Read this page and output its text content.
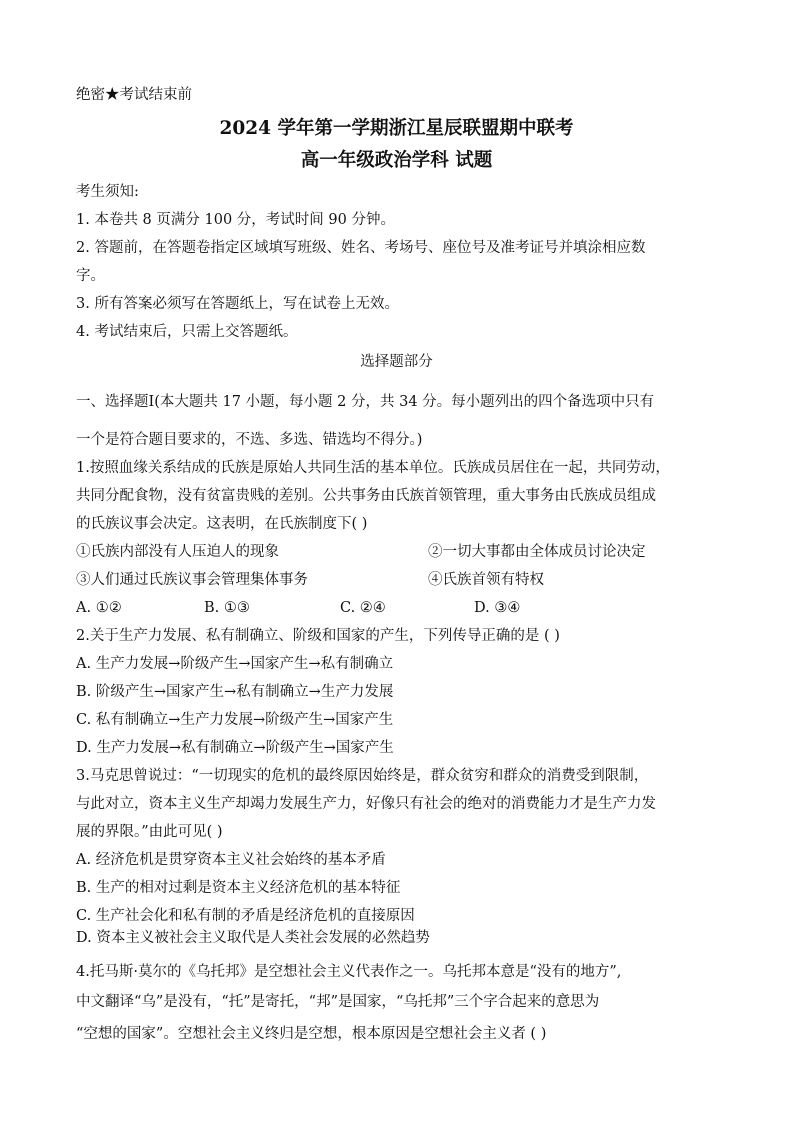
绝密★考试结束前
2024 学年第一学期浙江星辰联盟期中联考
高一年级政治学科 试题
考生须知:
1. 本卷共 8 页满分 100 分，考试时间 90 分钟。
2. 答题前，在答题卷指定区域填写班级、姓名、考场号、座位号及准考证号并填涂相应数
字。
3. 所有答案必须写在答题纸上，写在试卷上无效。
4. 考试结束后，只需上交答题纸。
选择题部分
一、选择题Ⅰ(本大题共 17 小题，每小题 2 分，共 34 分。每小题列出的四个备选项中只有
一个是符合题目要求的，不选、多选、错选均不得分。)
1.按照血缘关系结成的氏族是原始人共同生活的基本单位。氏族成员居住在一起，共同劳动，
共同分配食物，没有贫富贵贱的差别。公共事务由氏族首领管理，重大事务由氏族成员组成
的氏族议事会决定。这表明，在氏族制度下( )
①氏族内部没有人压迫人的现象	②一切大事都由全体成员讨论决定
③人们通过氏族议事会管理集体事务	④氏族首领有特权
A. ①②	B. ①③	C. ②④	D. ③④
2.关于生产力发展、私有制确立、阶级和国家的产生，下列传导正确的是 ( )
A. 生产力发展→阶级产生→国家产生→私有制确立
B. 阶级产生→国家产生→私有制确立→生产力发展
C. 私有制确立→生产力发展→阶级产生→国家产生
D. 生产力发展→私有制确立→阶级产生→国家产生
3.马克思曾说过：“一切现实的危机的最终原因始终是，群众贫穷和群众的消费受到限制，
与此对立，资本主义生产却竭力发展生产力，好像只有社会的绝对的消费能力才是生产力发
展的界限。”由此可见( )
A. 经济危机是贯穿资本主义社会始终的基本矛盾
B. 生产的相对过剩是资本主义经济危机的基本特征
C. 生产社会化和私有制的矛盾是经济危机的直接原因
D. 资本主义被社会主义取代是人类社会发展的必然趋势
4.托马斯·莫尔的《乌托邦》是空想社会主义代表作之一。乌托邦本意是“没有的地方”,
中文翻译“乌”是没有，“托”是寄托，“邦”是国家，“乌托邦”三个字合起来的意思为
“空想的国家”。空想社会主义终归是空想，根本原因是空想社会主义者 ( )
